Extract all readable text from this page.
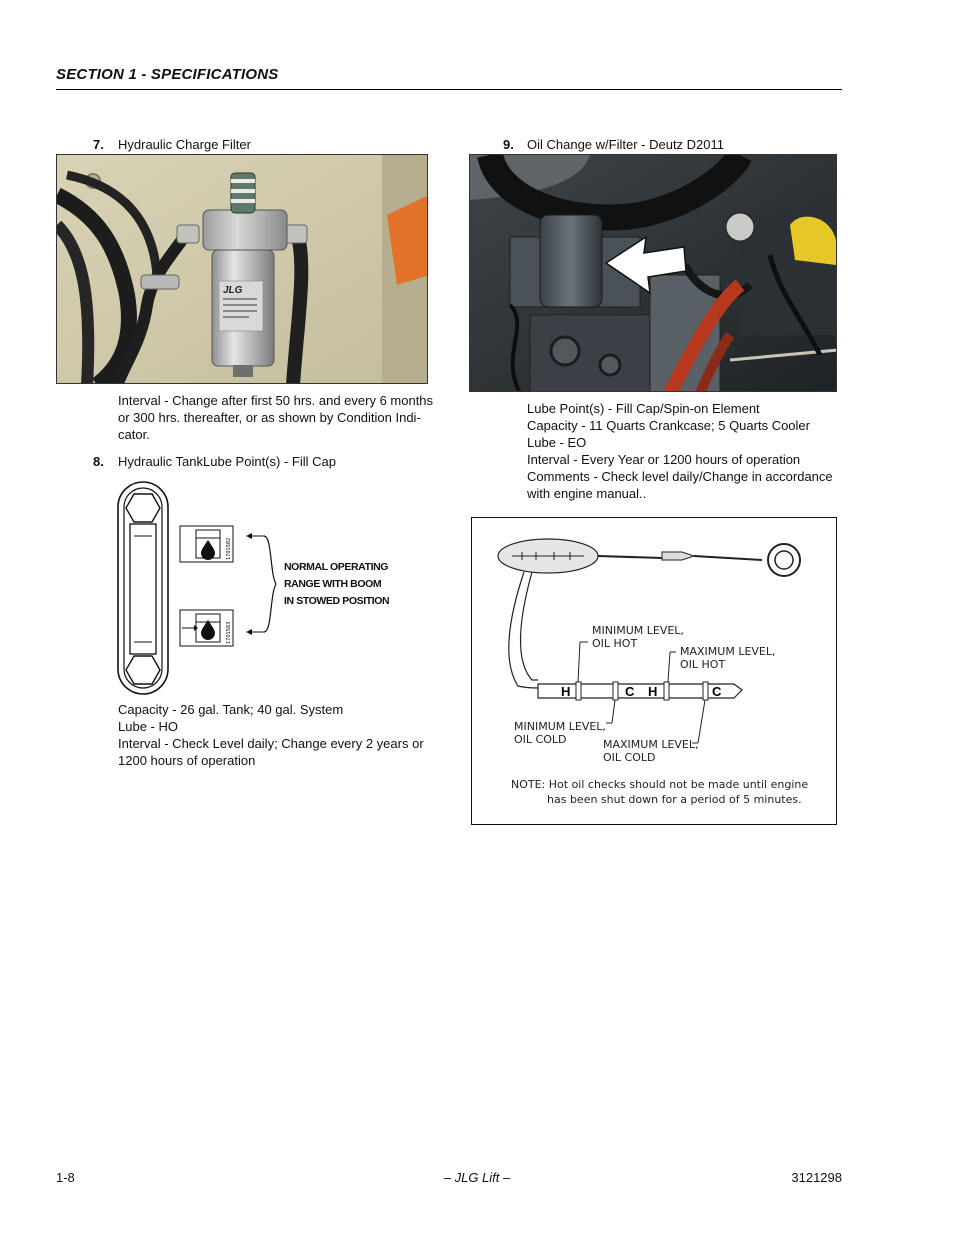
SECTION 1 - SPECIFICATIONS
7. Hydraulic Charge Filter
JLG
Interval - Change after first 50 hrs. and every 6 months
or 300 hrs. thereafter, or as shown by Condition Indi-
cator.
8. Hydraulic TankLube Point(s) - Fill Cap
1701582
1701583
NORMAL OPERATING
RANGE WITH BOOM
IN STOWED POSITION
Capacity - 26 gal. Tank; 40 gal. System
Lube - HO
Interval - Check Level daily; Change every 2 years or
1200 hours of operation
9. Oil Change w/Filter - Deutz D2011
Lube Point(s) - Fill Cap/Spin-on Element
Capacity - 11 Quarts Crankcase; 5 Quarts Cooler
Lube - EO
Interval - Every Year or 1200 hours of operation
Comments - Check level daily/Change in accordance
with engine manual..
H	C H	C
MINIMUM LEVEL,
OIL HOT
MAXIMUM LEVEL,
OIL HOT
MINIMUM LEVEL,
OIL COLD	MAXIMUM LEVEL,
OIL COLD
NOTE: Hot oil checks should not be made until engine
has been shut down for a period of 5 minutes.
1-8	– JLG Lift –	3121298
